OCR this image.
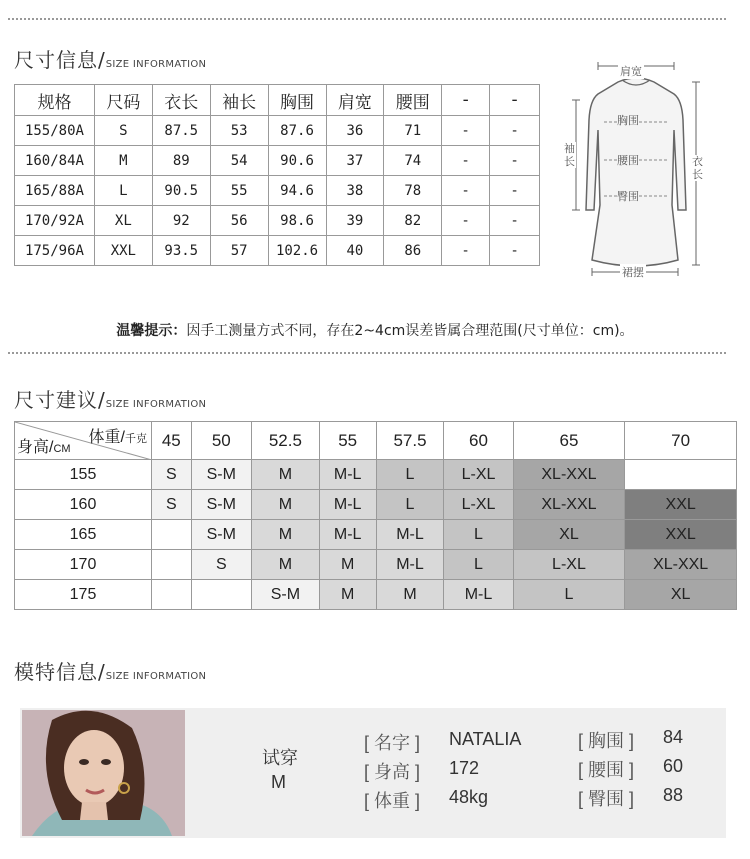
尺寸信息 / SIZE INFORMATION
规格	尺码	衣长	袖长	胸围	肩宽	腰围	-	-
155/80A	S	87.5	53	87.6	36	71	-	-
160/84A	M	89	54	90.6	37	74	-	-
165/88A	L	90.5	55	94.6	38	78	-	-
170/92A	XL	92	56	98.6	39	82	-	-
175/96A	XXL	93.5	57	102.6	40	86	-	-
肩宽
胸围
腰围
臀围
袖长	衣长
裙摆
温馨提示：因手工测量方式不同，存在2~4cm误差皆属合理范围(尺寸单位：cm)。
尺寸建议 / SIZE INFORMATION
体重/千克
身高/CM	45	50	52.5	55	57.5	60	65	70
155	S	S-M	M	M-L	L	L-XL	XL-XXL	
160	S	S-M	M	M-L	L	L-XL	XL-XXL	XXL
165		S-M	M	M-L	M-L	L	XL	XXL
170		S	M	M	M-L	L	L-XL	XL-XXL
175			S-M	M	M	M-L	L	XL
模特信息 / SIZE INFORMATION
试穿
M
[ 名字 ] NATALIA
[ 身高 ] 172
[ 体重 ] 48kg
[ 胸围 ] 84
[ 腰围 ] 60
[ 臀围 ] 88
